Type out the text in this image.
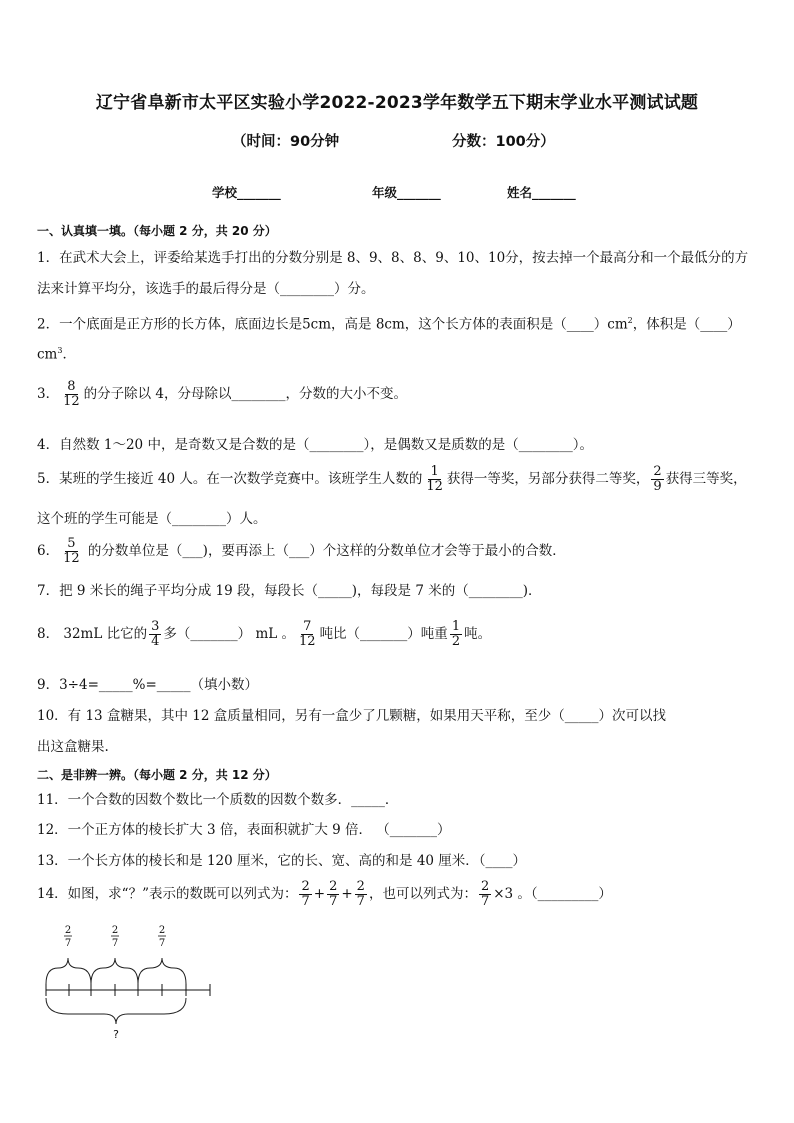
辽宁省阜新市太平区实验小学2022-2023学年数学五下期末学业水平测试试题
（时间：90分钟	分数：100分）
学校_______	年级_______	姓名_______
一、认真填一填。（每小题 2 分，共 20 分）
1．在武术大会上，评委给某选手打出的分数分别是 8、9、8、8、9、10、10分，按去掉一个最高分和一个最低分的方
法来计算平均分，该选手的最后得分是（________）分。
2．一个底面是正方形的长方体，底面边长是5cm，高是 8cm，这个长方体的表面积是$(\_\_\_\_)cm^2$，体积是（____）
$cm^3$．
3． $\frac{8}{12}$ 的分子除以 4，分母除以________，分数的大小不变。
4．自然数 1～20 中，是奇数又是合数的是（________），是偶数又是质数的是（________）。
5．某班的学生接近 40 人。在一次数学竞赛中。该班学生人数的 $\frac{1}{12}$ 获得一等奖，另部分获得二等奖， $\frac{2}{9}$ 获得三等奖，
这个班的学生可能是（________）人。
6． $\frac{5}{12}$ 的分数单位是（___)，要再添上（___）个这样的分数单位才会等于最小的合数．
7．把 9 米长的绳子平均分成 19 段，每段长（_____)，每段是 7 米的（________)．
8． 32mL 比它的 $\frac{3}{4}$ 多（_______） mL 。 $\frac{7}{12}$ 吨比（_______）吨重 $\frac{1}{2}$ 吨。
9．3÷4=_____%=_____（填小数）
10．有 13 盒糖果，其中 12 盒质量相同，另有一盒少了几颗糖，如果用天平称，至少（_____）次可以找
出这盒糖果.
二、是非辨一辨。（每小题 2 分，共 12 分）
11．一个合数的因数个数比一个质数的因数个数多．_____．
12．一个正方体的棱长扩大 3 倍，表面积就扩大 9 倍． （_______）
13．一个长方体的棱长和是 120 厘米，它的长、宽、高的和是 40 厘米．（____）
14．如图，求“？”表示的数既可以列式为： $\frac{2}{7} + \frac{2}{7} + \frac{2}{7}$ ，也可以列式为： $\frac{2}{7} \times 3$ 。（_________）
2
7
2
7
2
7
?
